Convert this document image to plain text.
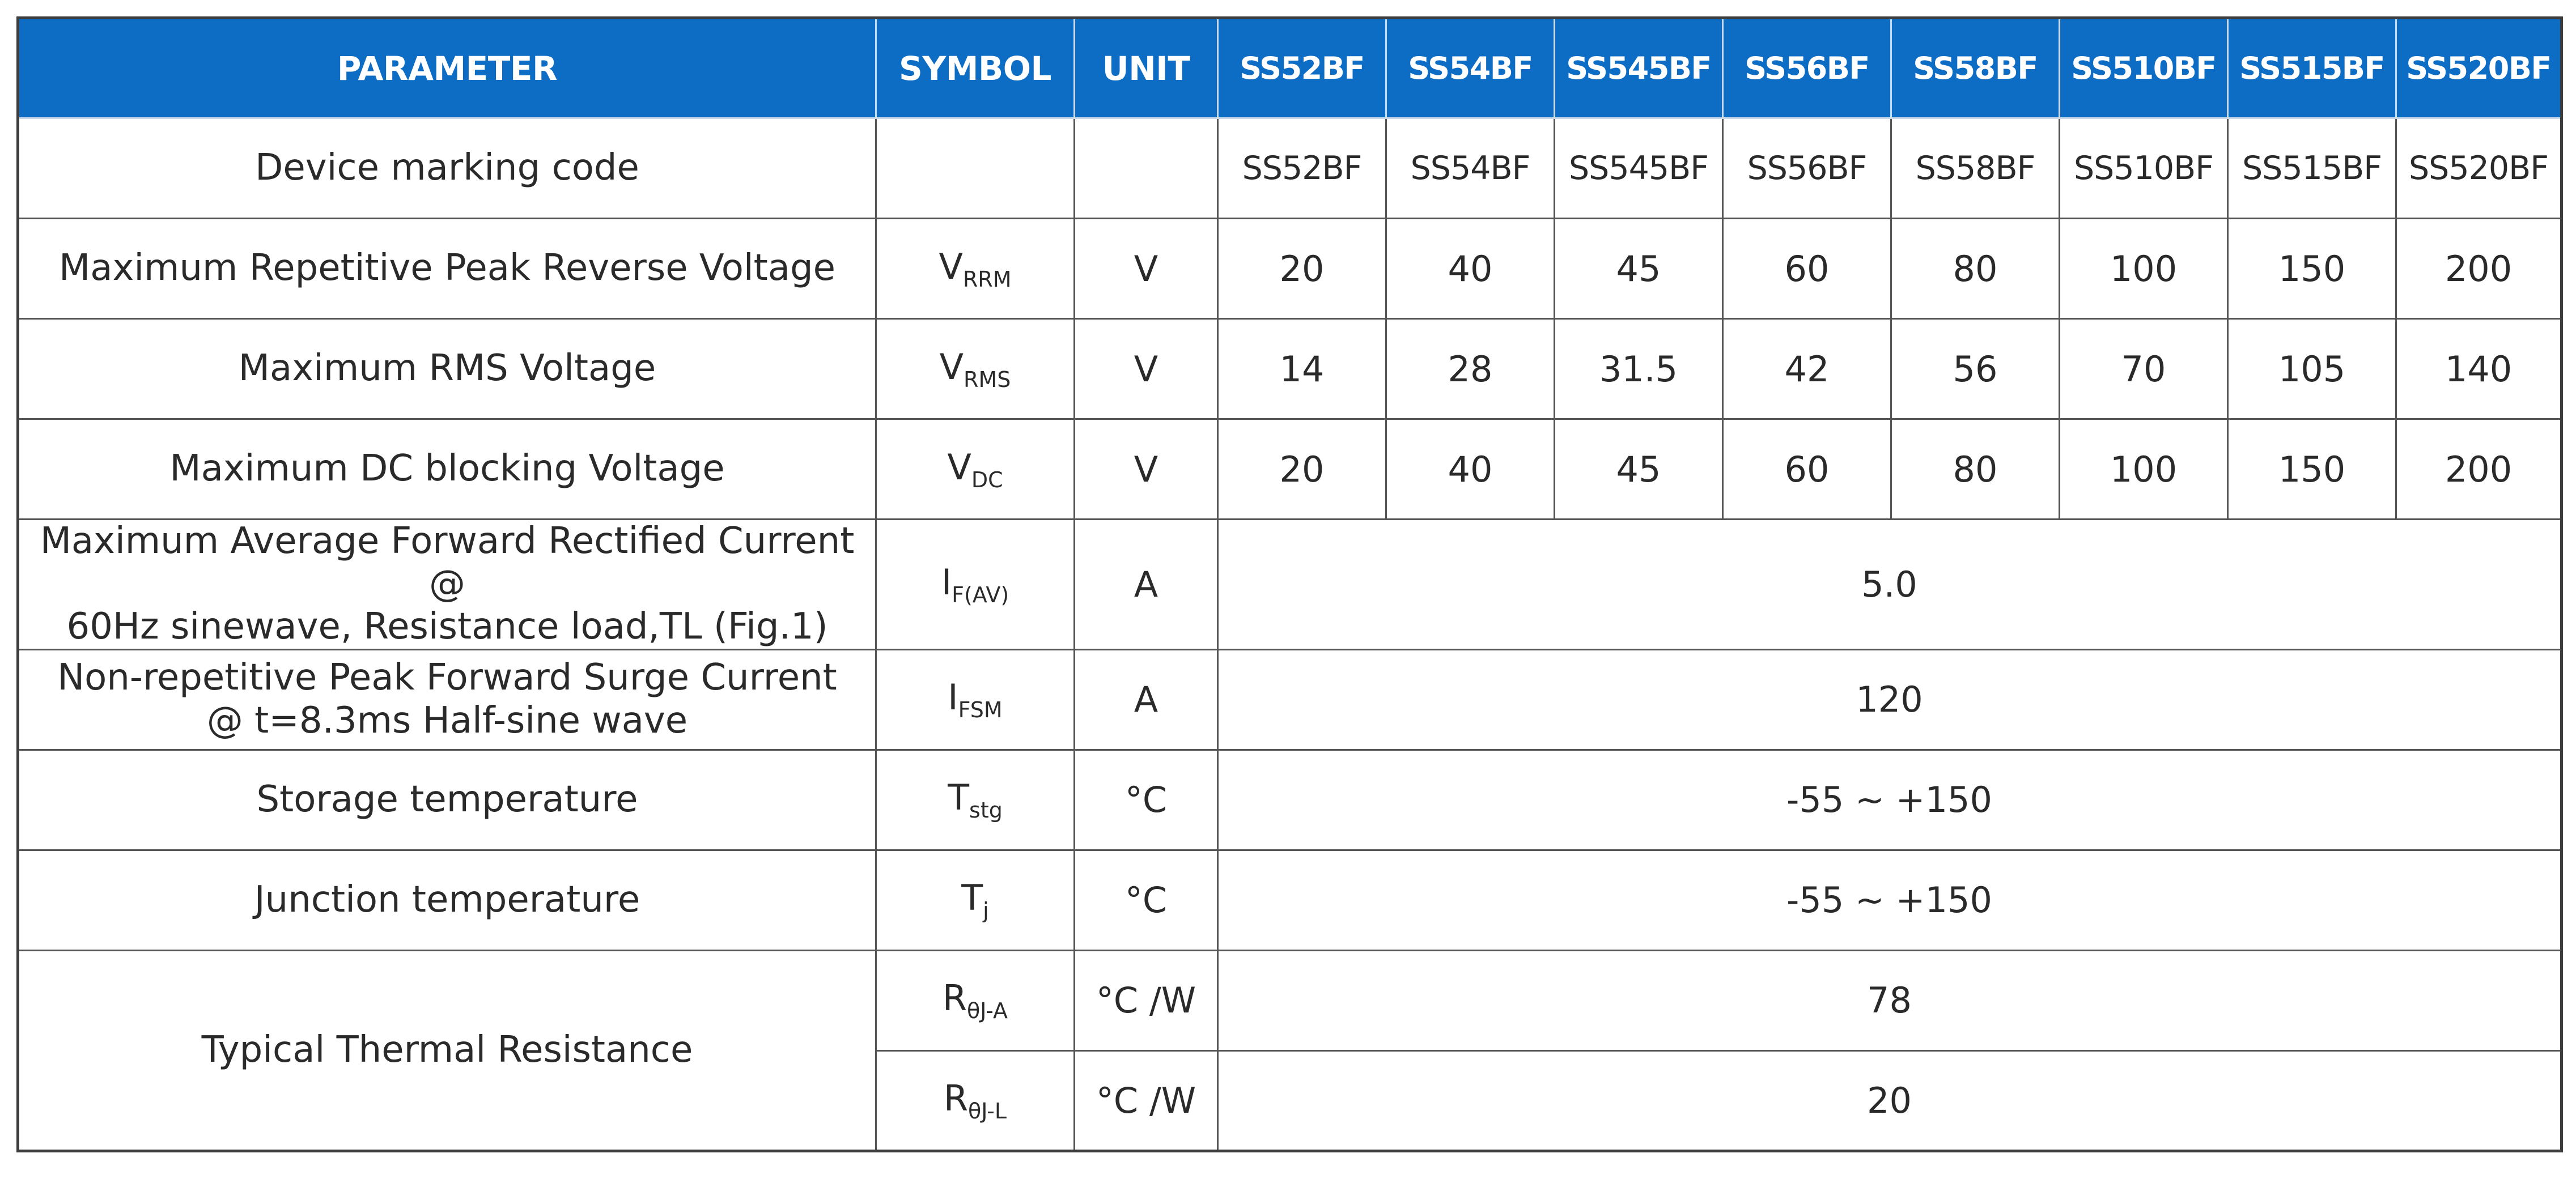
PARAMETER	SYMBOL	UNIT	SS52BF	SS54BF	SS545BF	SS56BF	SS58BF	SS510BF	SS515BF	SS520BF
Device marking code			SS52BF	SS54BF	SS545BF	SS56BF	SS58BF	SS510BF	SS515BF	SS520BF
Maximum Repetitive Peak Reverse Voltage	$V_{RRM}$	V	20	40	45	60	80	100	150	200
Maximum RMS Voltage	$V_{RMS}$	V	14	28	31.5	42	56	70	105	140
Maximum DC blocking Voltage	$V_{DC}$	V	20	40	45	60	80	100	150	200

Maximum Average Forward Rectified Current @
60Hz sinewave, Resistance load,TL (Fig.1)	$I_{F(AV)}$	A	5.0							

Non-repetitive Peak Forward Surge Current
@ t=8.3ms Half-sine wave	$I_{FSM}$	A	120							
Storage temperature	$T_{stg}$	°C	-55 ~ +150							
Junction temperature	$T_j$	°C	-55 ~ +150							
Typical Thermal Resistance	$R_{\theta J-A}$	°C /W	78							
	$R_{\theta J-L}$	°C /W	20							
